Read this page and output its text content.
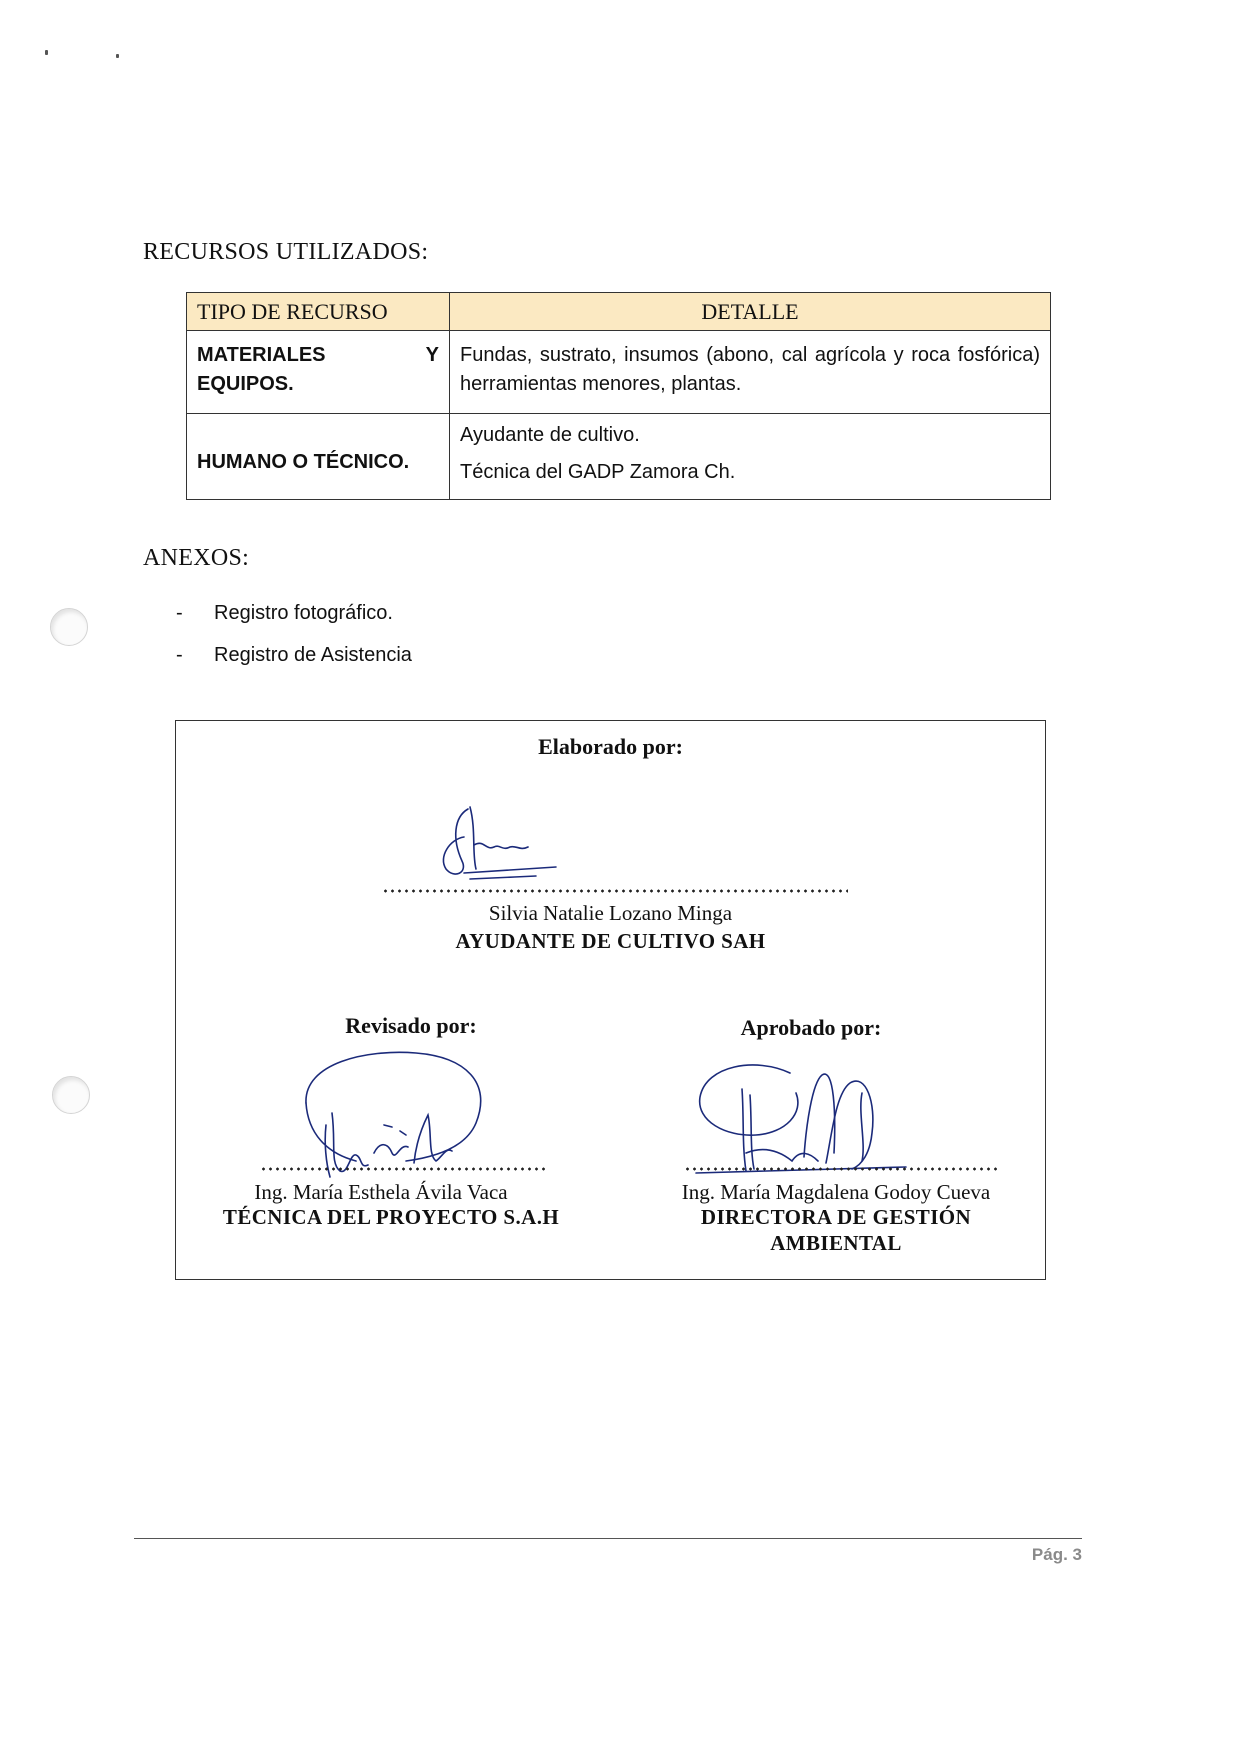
RECURSOS UTILIZADOS:
TIPO DE RECURSO	DETALLE
MATERIALES Y EQUIPOS.	Fundas, sustrato, insumos (abono, cal agrícola y roca fosfórica) herramientas menores, plantas.
HUMANO O TÉCNICO.	Ayudante de cultivo.
Técnica del GADP Zamora Ch.
ANEXOS:
-	Registro fotográfico.
-	Registro de Asistencia
Elaborado por:
Silvia Natalie Lozano Minga
AYUDANTE DE CULTIVO SAH
Revisado por:
Ing. María Esthela Ávila Vaca
TÉCNICA DEL PROYECTO S.A.H
Aprobado por:
Ing. María Magdalena Godoy Cueva
DIRECTORA DE GESTIÓN
AMBIENTAL
Pág. 3
